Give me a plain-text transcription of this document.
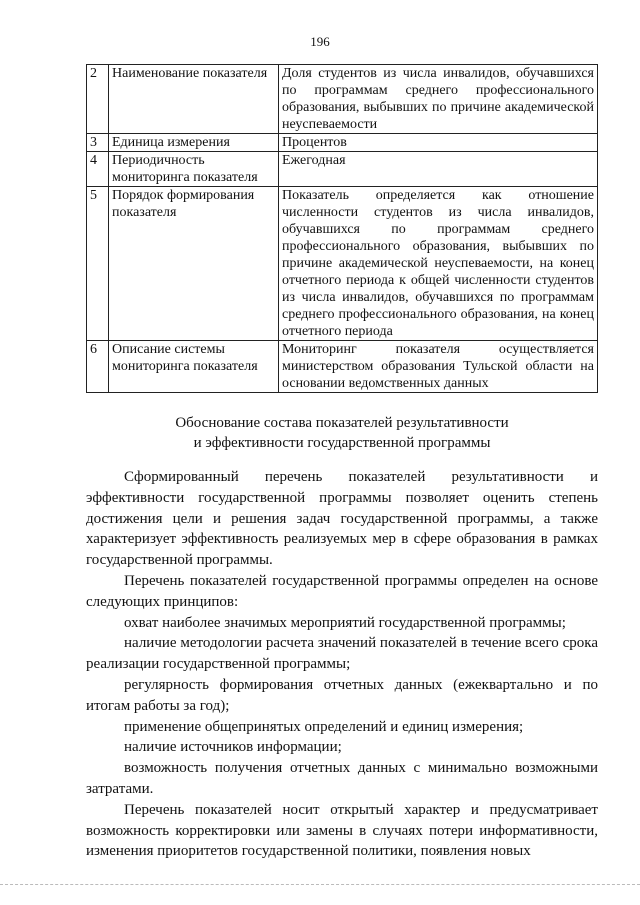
196
2	Наименование показателя	Доля студентов из числа инвалидов, обучавшихся по программам среднего профессионального образования, выбывших по причине академической неуспеваемости
3	Единица измерения	Процентов
4	Периодичность мониторинга показателя	Ежегодная
5	Порядок формирования показателя	Показатель определяется как отношение численности студентов из числа инвалидов, обучавшихся по программам среднего профессионального образования, выбывших по причине академической неуспеваемости, на конец отчетного периода к общей численности студентов из числа инвалидов, обучавшихся по программам среднего профессионального образования, на конец отчетного периода
6	Описание системы мониторинга показателя	Мониторинг показателя осуществляется министерством образования Тульской области на основании ведомственных данных
Обоснование состава показателей результативности
и эффективности государственной программы

Сформированный перечень показателей результативности и эффективности государственной программы позволяет оценить степень достижения цели и решения задач государственной программы, а также характеризует эффективность реализуемых мер в сфере образования в рамках государственной программы.

Перечень показателей государственной программы определен на основе следующих принципов:

охват наиболее значимых мероприятий государственной программы;

наличие методологии расчета значений показателей в течение всего срока реализации государственной программы;

регулярность формирования отчетных данных (ежеквартально и по итогам работы за год);

применение общепринятых определений и единиц измерения;

наличие источников информации;

возможность получения отчетных данных с минимально возможными затратами.

Перечень показателей носит открытый характер и предусматривает возможность корректировки или замены в случаях потери информативности, изменения приоритетов государственной политики, появления новых
